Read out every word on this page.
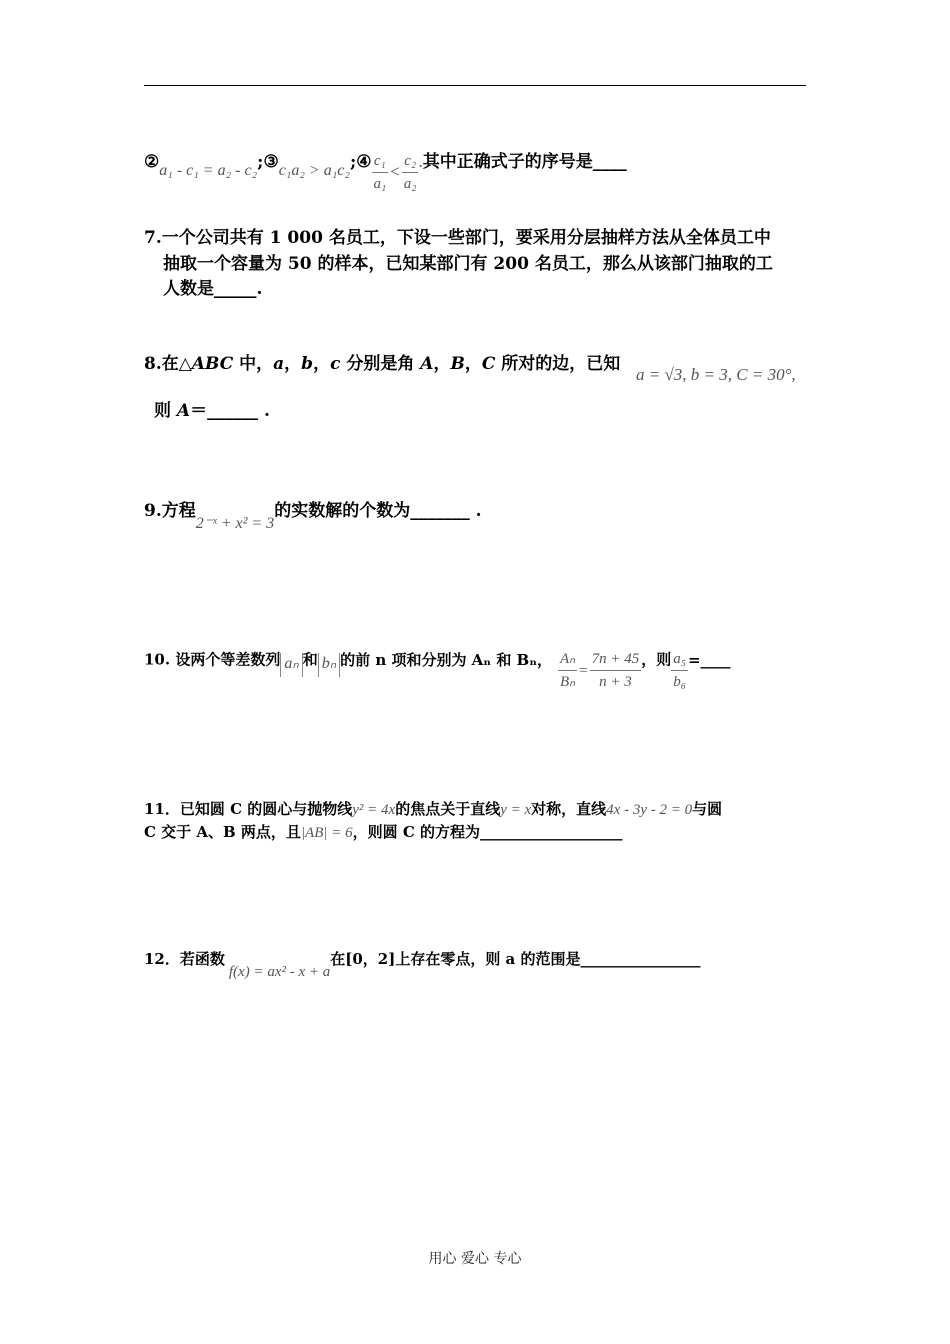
②a₁ - c₁ = a₂ - c₂;③c₁a₂ > a₁c₂;④ $\frac{\text{c₁}}{\text{a₁}} < \frac{\text{c₂}}{\text{a₂}}$ .其中正确式子的序号是____
7.一个公司共有 1 000 名员工，下设一些部门，要采用分层抽样方法从全体员工中
抽取一个容量为 50 的样本，已知某部门有 200 名员工，那么从该部门抽取的工
人数是_____.
8.在△ABC 中，a，b，c 分别是角 A，B，C 所对的边，已知
a = √3, b = 3, C = 30°,
则 A＝______ .
9.方程2⁻ˣ + x² = 3的实数解的个数为_______ .
10. 设两个等差数列 aₙ 和 bₙ 的前 n 项和分别为 Aₙ 和 Bₙ， $\frac{\text{Aₙ}}{\text{Bₙ}} = \frac{7n + 45}{n + 3}$ ，则 $\frac{\text{a₅}}{\text{b₆}}$ =____
11．已知圆 C 的圆心与抛物线y² = 4x的焦点关于直线y = x对称，直线4x - 3y - 2 = 0与圆
C 交于 A、B 两点，且|AB| = 6，则圆 C 的方程为___________________
12．若函数f(x) = ax² - x + a在[0，2]上存在零点，则 a 的范围是________________
用心 爱心 专心
